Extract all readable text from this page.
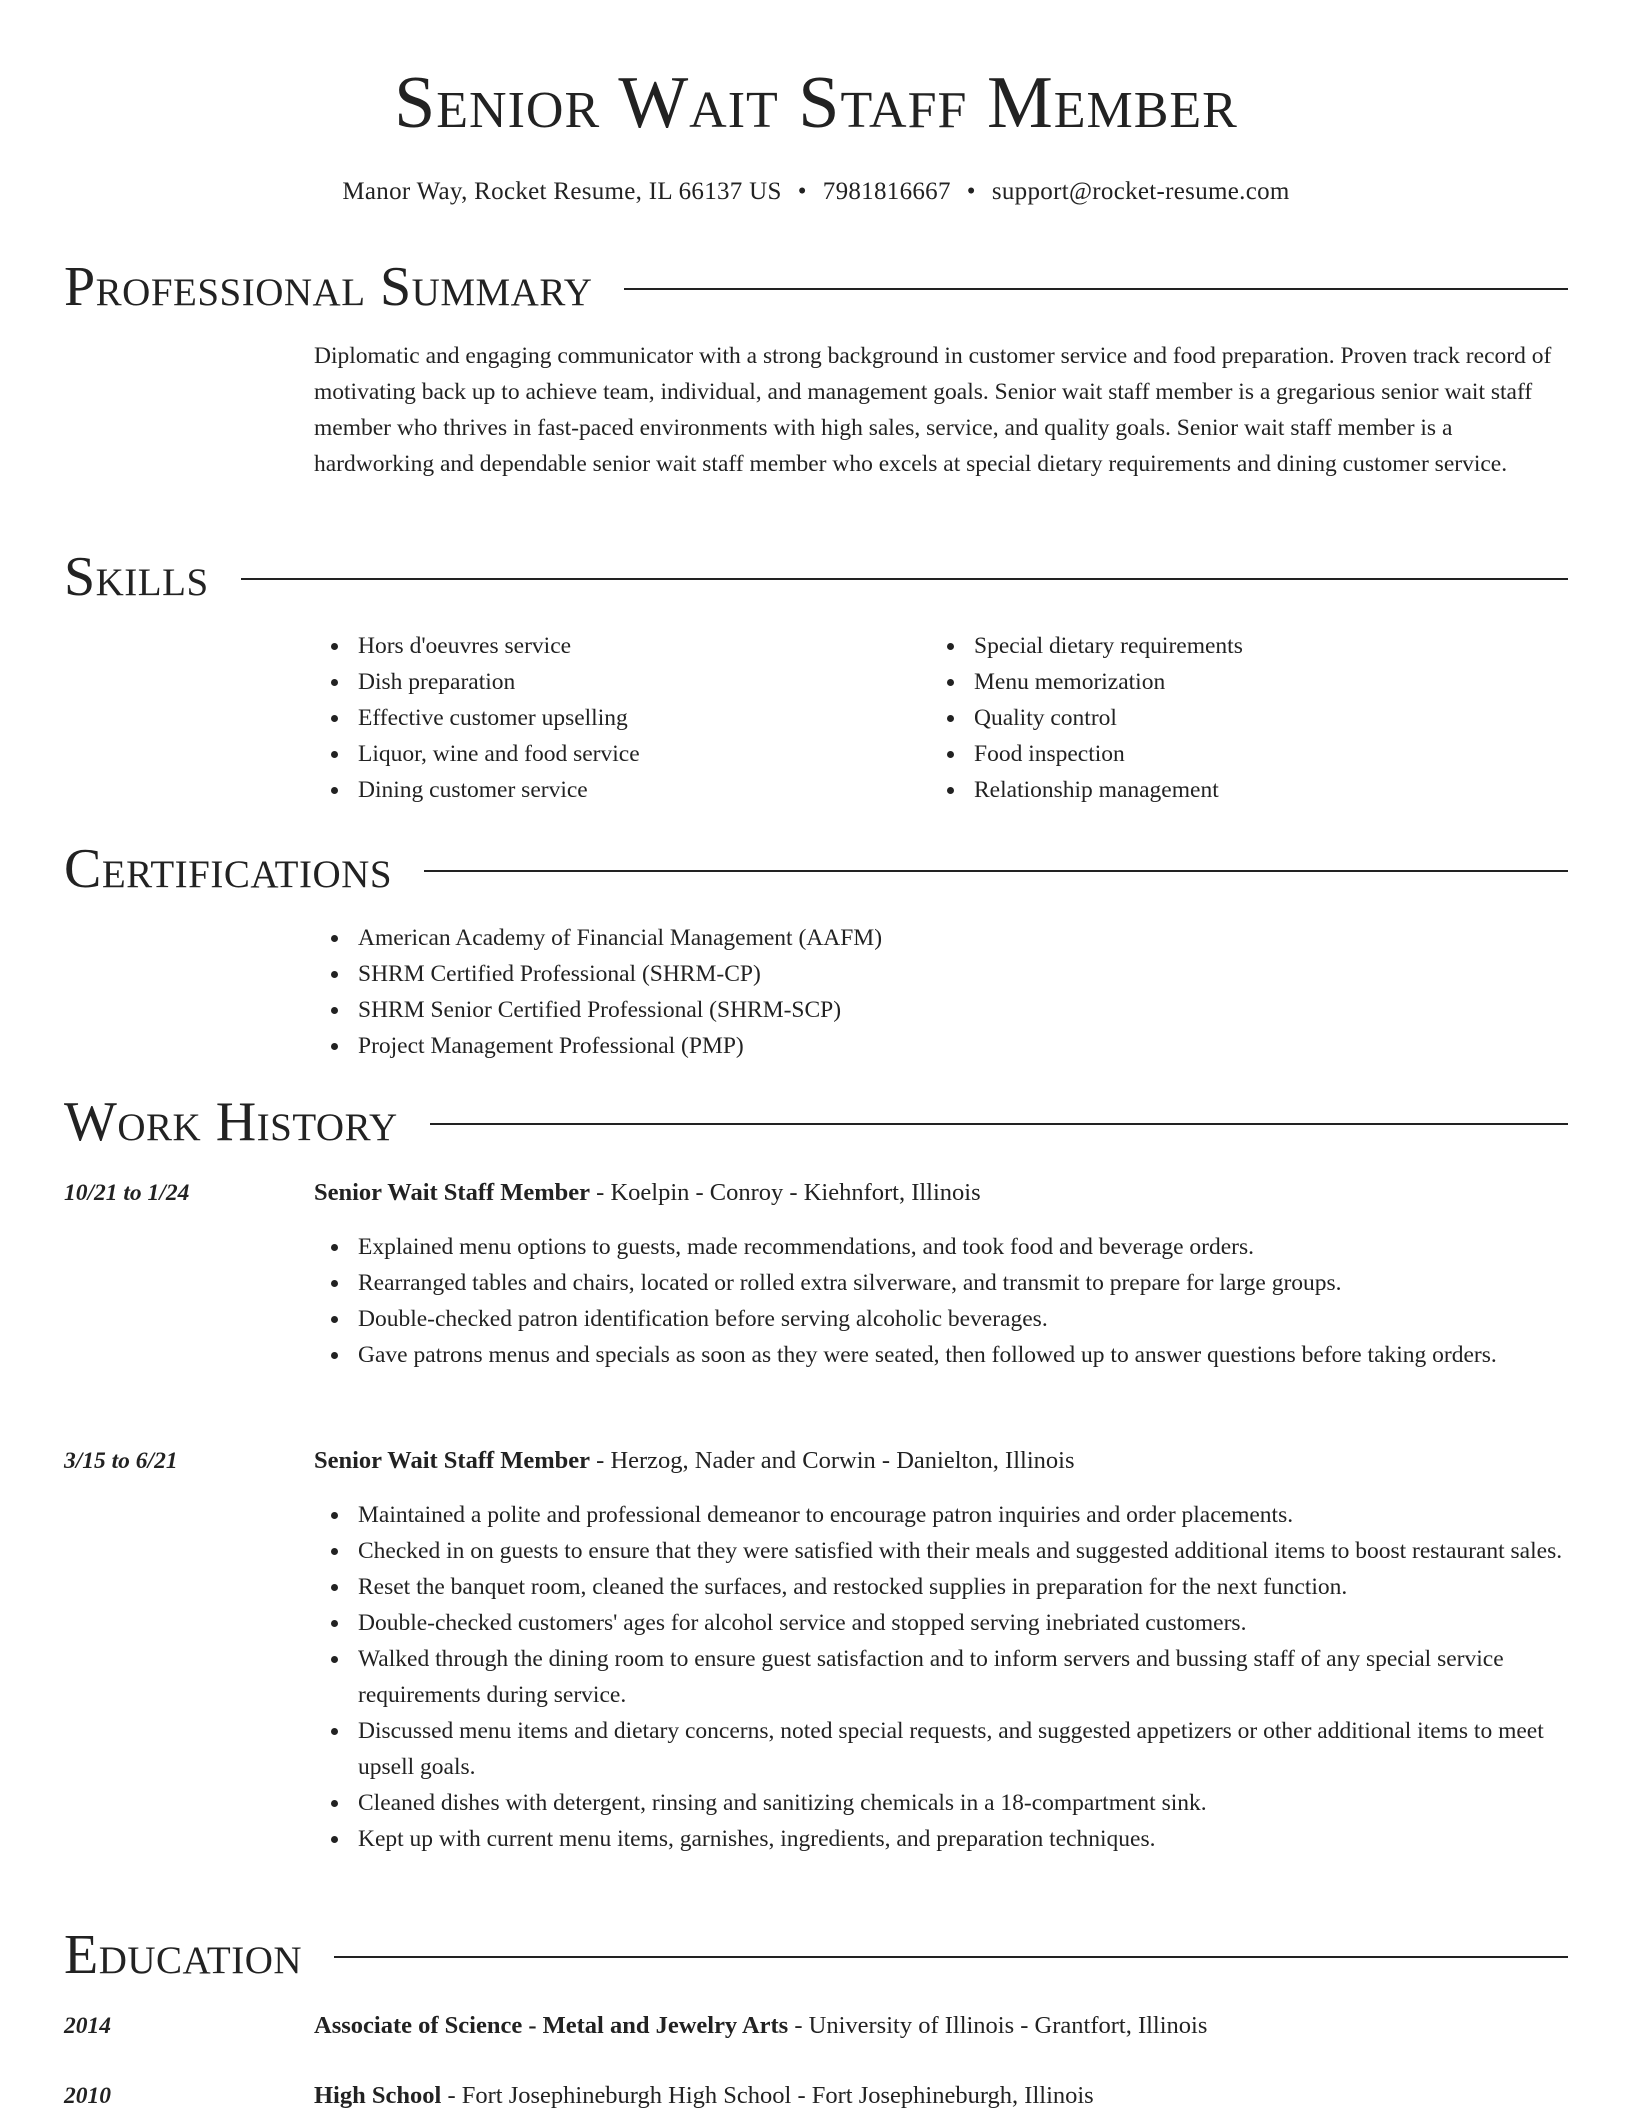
Senior Wait Staff Member
Manor Way, Rocket Resume, IL 66137 US • 7981816667 • support@rocket-resume.com
Professional Summary

Diplomatic and engaging communicator with a strong background in customer service and food preparation. Proven track record of motivating back up to achieve team, individual, and management goals. Senior wait staff member is a gregarious senior wait staff member who thrives in fast-paced environments with high sales, service, and quality goals. Senior wait staff member is a hardworking and dependable senior wait staff member who excels at special dietary requirements and dining customer service.

Skills
Hors d'oeuvres service
Dish preparation
Effective customer upselling
Liquor, wine and food service
Dining customer service
Special dietary requirements
Menu memorization
Quality control
Food inspection
Relationship management
Certifications
American Academy of Financial Management (AAFM)
SHRM Certified Professional (SHRM-CP)
SHRM Senior Certified Professional (SHRM-SCP)
Project Management Professional (PMP)
Work History
10/21 to 1/24	Senior Wait Staff Member - Koelpin - Conroy - Kiehnfort, Illinois
Explained menu options to guests, made recommendations, and took food and beverage orders.
Rearranged tables and chairs, located or rolled extra silverware, and transmit to prepare for large groups.
Double-checked patron identification before serving alcoholic beverages.
Gave patrons menus and specials as soon as they were seated, then followed up to answer questions before taking orders.
3/15 to 6/21	Senior Wait Staff Member - Herzog, Nader and Corwin - Danielton, Illinois
Maintained a polite and professional demeanor to encourage patron inquiries and order placements.
Checked in on guests to ensure that they were satisfied with their meals and suggested additional items to boost restaurant sales.
Reset the banquet room, cleaned the surfaces, and restocked supplies in preparation for the next function.
Double-checked customers' ages for alcohol service and stopped serving inebriated customers.
Walked through the dining room to ensure guest satisfaction and to inform servers and bussing staff of any special service requirements during service.
Discussed menu items and dietary concerns, noted special requests, and suggested appetizers or other additional items to meet upsell goals.
Cleaned dishes with detergent, rinsing and sanitizing chemicals in a 18-compartment sink.
Kept up with current menu items, garnishes, ingredients, and preparation techniques.
Education
2014	Associate of Science - Metal and Jewelry Arts - University of Illinois - Grantfort, Illinois
2010	High School - Fort Josephineburgh High School - Fort Josephineburgh, Illinois
